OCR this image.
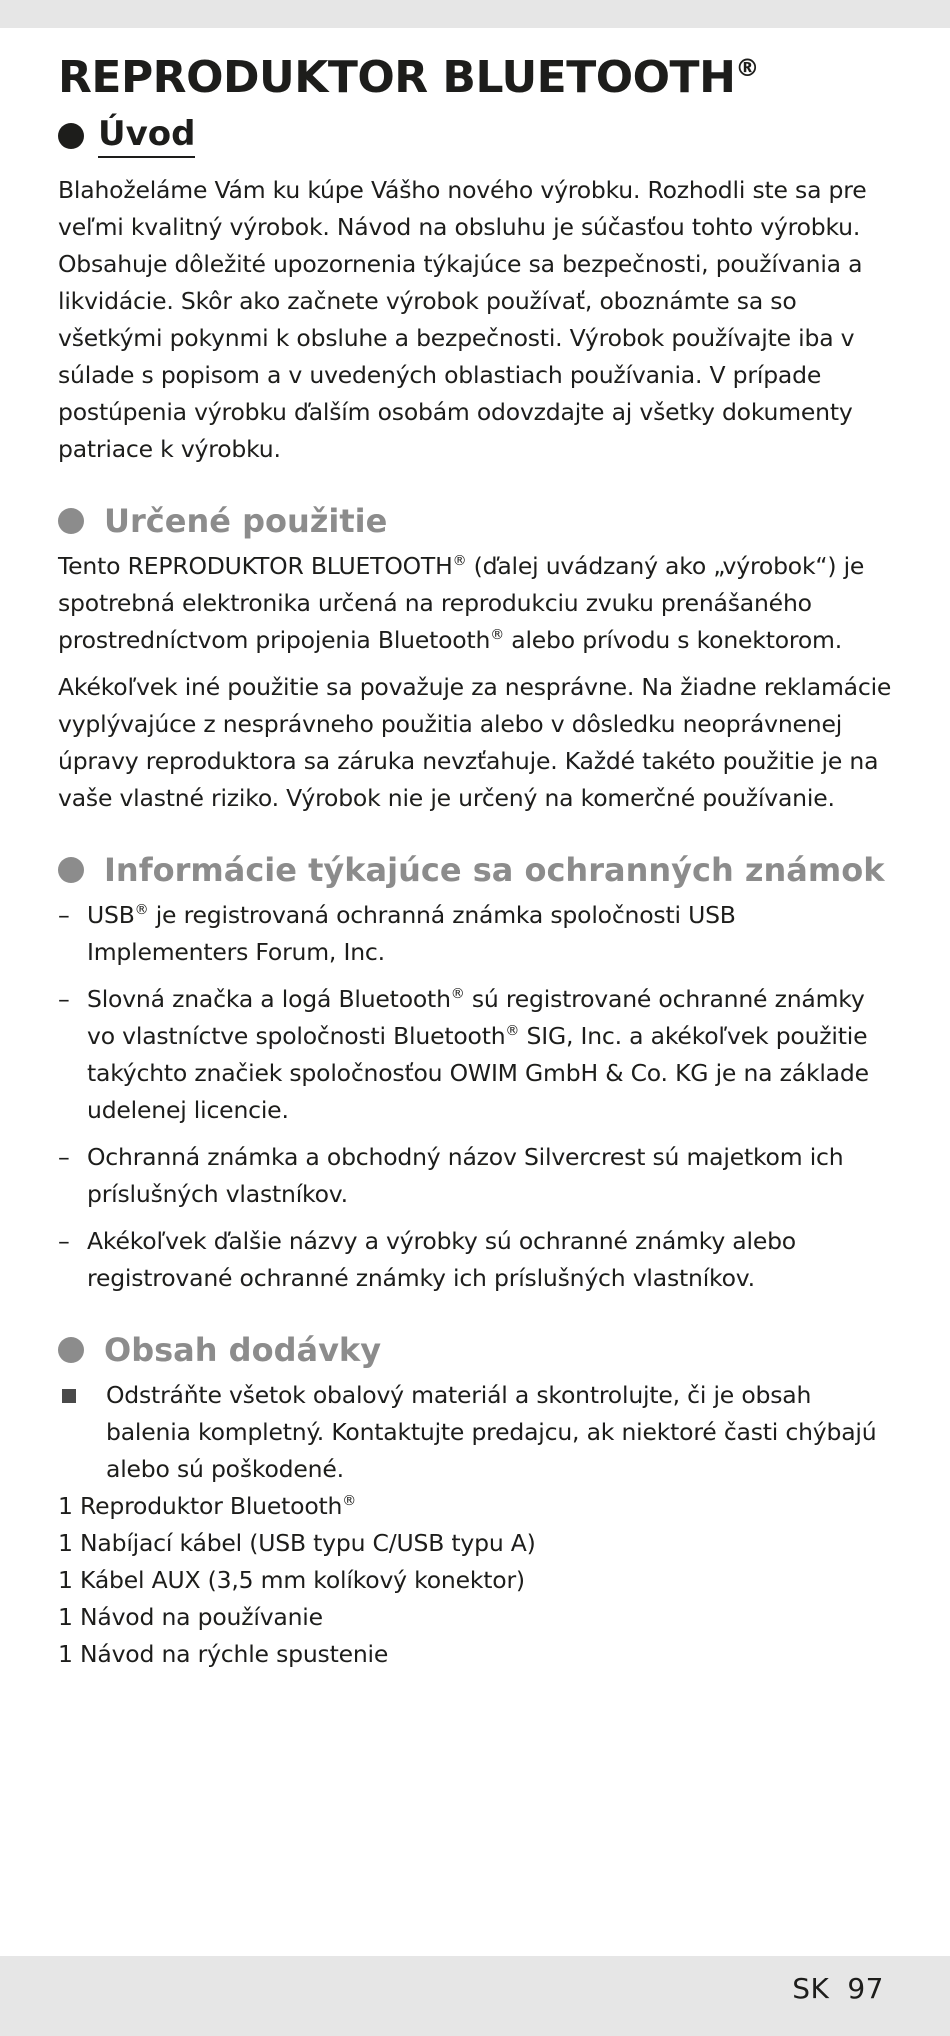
REPRODUKTOR BLUETOOTH®
Úvod

Blahoželáme Vám ku kúpe Vášho nového výrobku. Rozhodli ste sa pre veľmi kvalitný výrobok. Návod na obsluhu je súčasťou tohto výrobku. Obsahuje dôležité upozornenia týkajúce sa bezpečnosti, používania a likvidácie. Skôr ako začnete výrobok používať, oboznámte sa so všetkými pokynmi k obsluhe a bezpečnosti. Výrobok používajte iba v súlade s popisom a v uvedených oblastiach používania. V prípade postúpenia výrobku ďalším osobám odovzdajte aj všetky dokumenty patriace k výrobku.

Určené použitie

Tento REPRODUKTOR BLUETOOTH® (ďalej uvádzaný ako „výrobok“) je spotrebná elektronika určená na reprodukciu zvuku prenášaného prostredníctvom pripojenia Bluetooth® alebo prívodu s konektorom.

Akékoľvek iné použitie sa považuje za nesprávne. Na žiadne reklamácie vyplývajúce z nesprávneho použitia alebo v dôsledku neoprávnenej úpravy reproduktora sa záruka nevzťahuje. Každé takéto použitie je na vaše vlastné riziko. Výrobok nie je určený na komerčné používanie.

Informácie týkajúce sa ochranných známok
– USB® je registrovaná ochranná známka spoločnosti USB Implementers Forum, Inc.
– Slovná značka a logá Bluetooth® sú registrované ochranné známky vo vlastníctve spoločnosti Bluetooth® SIG, Inc. a akékoľvek použitie takýchto značiek spoločnosťou OWIM GmbH & Co. KG je na základe udelenej licencie.
– Ochranná známka a obchodný názov Silvercrest sú majetkom ich príslušných vlastníkov.
– Akékoľvek ďalšie názvy a výrobky sú ochranné známky alebo registrované ochranné známky ich príslušných vlastníkov.
Obsah dodávky
Odstráňte všetok obalový materiál a skontrolujte, či je obsah balenia kompletný. Kontaktujte predajcu, ak niektoré časti chýbajú alebo sú poškodené.
1 Reproduktor Bluetooth®
1 Nabíjací kábel (USB typu C/USB typu A)
1 Kábel AUX (3,5 mm kolíkový konektor)
1 Návod na používanie
1 Návod na rýchle spustenie
SK 97
